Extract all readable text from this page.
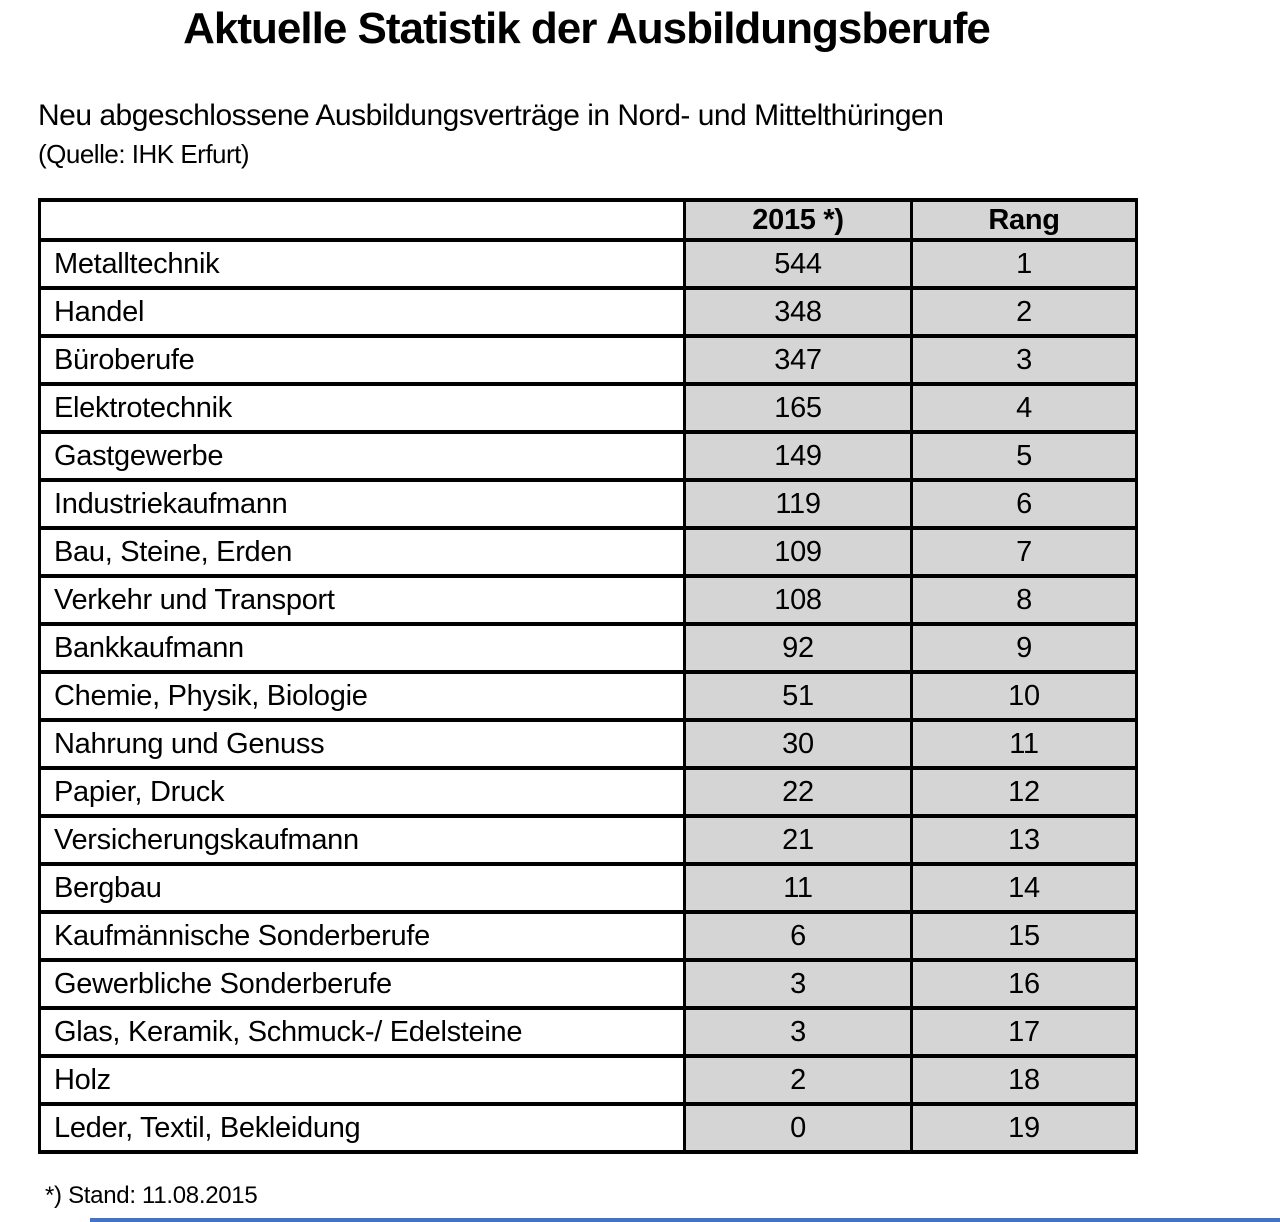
Aktuelle Statistik der Ausbildungsberufe
Neu abgeschlossene Ausbildungsverträge in Nord- und Mittelthüringen
(Quelle: IHK Erfurt)
	2015 *)	Rang
Metalltechnik	544	1
Handel	348	2
Büroberufe	347	3
Elektrotechnik	165	4
Gastgewerbe	149	5
Industriekaufmann	119	6
Bau, Steine, Erden	109	7
Verkehr und Transport	108	8
Bankkaufmann	92	9
Chemie, Physik, Biologie	51	10
Nahrung und Genuss	30	11
Papier, Druck	22	12
Versicherungskaufmann	21	13
Bergbau	11	14
Kaufmännische Sonderberufe	6	15
Gewerbliche Sonderberufe	3	16
Glas, Keramik, Schmuck-/ Edelsteine	3	17
Holz	2	18
Leder, Textil, Bekleidung	0	19
*) Stand: 11.08.2015
